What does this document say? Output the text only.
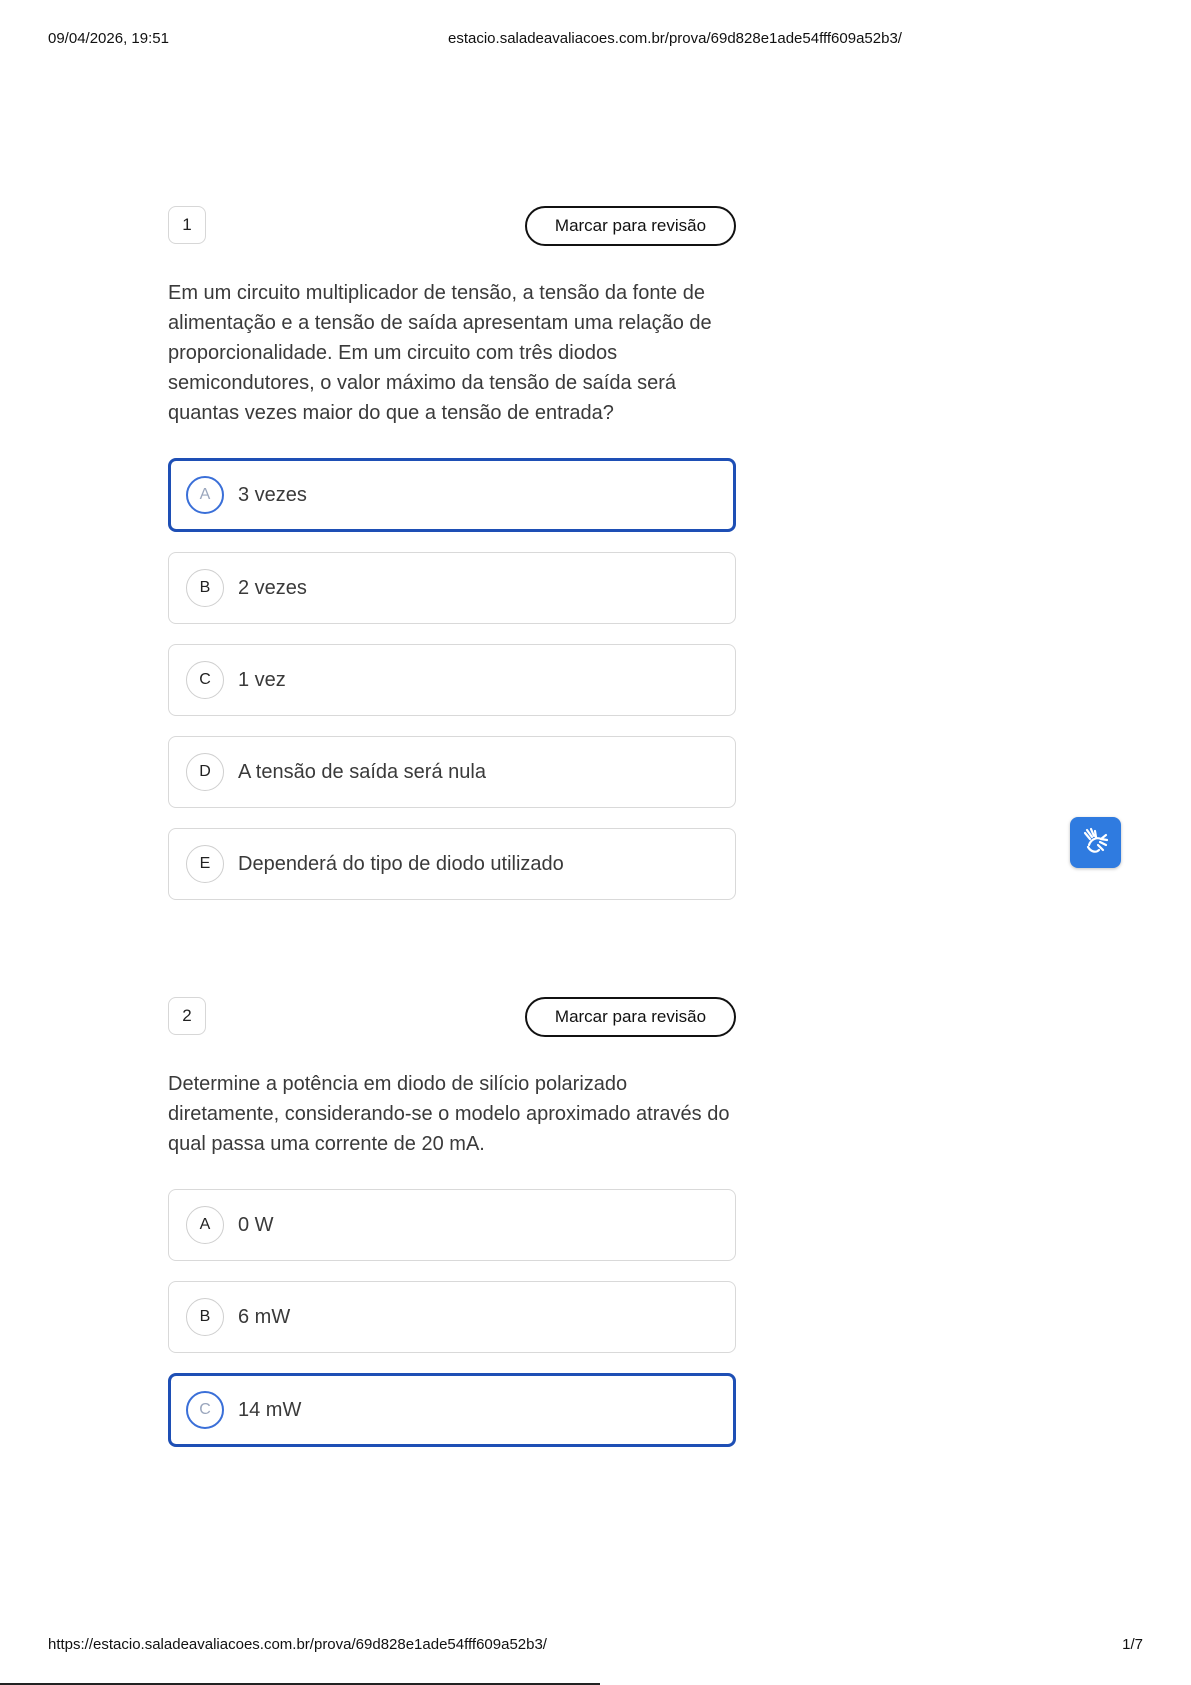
09/04/2026, 19:51	estacio.saladeavaliacoes.com.br/prova/69d828e1ade54fff609a52b3/
1	Marcar para revisão
Em um circuito multiplicador de tensão, a tensão da fonte de alimentação e a tensão de saída apresentam uma relação de proporcionalidade. Em um circuito com três diodos semicondutores, o valor máximo da tensão de saída será quantas vezes maior do que a tensão de entrada?
A	3 vezes
B	2 vezes
C	1 vez
D	A tensão de saída será nula
E	Dependerá do tipo de diodo utilizado
2	Marcar para revisão
Determine a potência em diodo de silício polarizado diretamente, considerando-se o modelo aproximado através do qual passa uma corrente de 20 mA.
A	0 W
B	6 mW
C	14 mW
https://estacio.saladeavaliacoes.com.br/prova/69d828e1ade54fff609a52b3/	1/7
